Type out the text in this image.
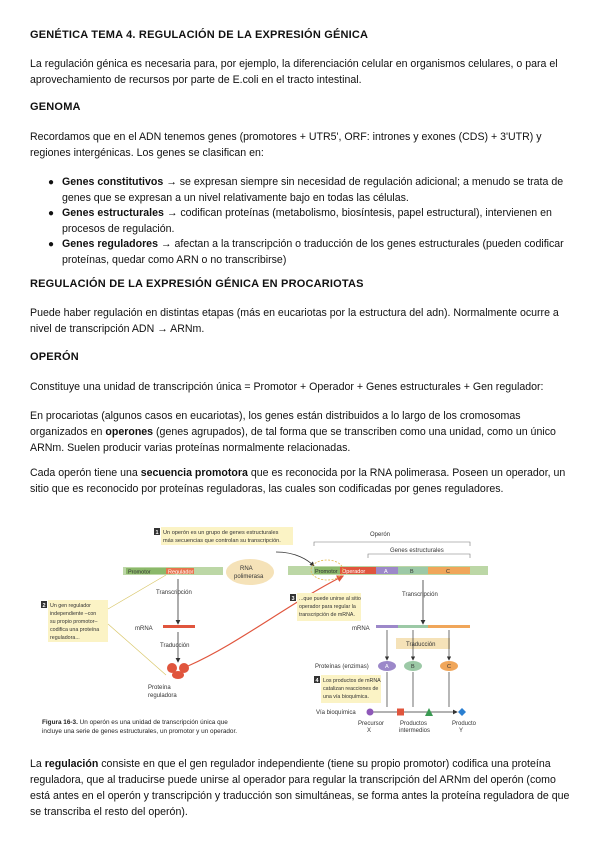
GENÉTICA TEMA 4. REGULACIÓN DE LA EXPRESIÓN GÉNICA
La regulación génica es necesaria para, por ejemplo, la diferenciación celular en organismos celulares, o para el aprovechamiento de recursos por parte de E.coli en el tracto intestinal.
GENOMA
Recordamos que en el ADN tenemos genes (promotores + UTR5', ORF: intrones y exones (CDS) + 3'UTR) y regiones intergénicas. Los genes se clasifican en:
● Genes constitutivos → se expresan siempre sin necesidad de regulación adicional; a menudo se trata de genes que se expresan a un nivel relativamente bajo en todas las células.
● Genes estructurales → codifican proteínas (metabolismo, biosíntesis, papel estructural), intervienen en procesos de regulación.
● Genes reguladores → afectan a la transcripción o traducción de los genes estructurales (pueden codificar proteínas, quedar como ARN o no transcribirse)
REGULACIÓN DE LA EXPRESIÓN GÉNICA EN PROCARIOTAS
Puede haber regulación en distintas etapas (más en eucariotas por la estructura del adn). Normalmente ocurre a nivel de transcripción ADN → ARNm.
OPERÓN
Constituye una unidad de transcripción única = Promotor + Operador + Genes estructurales + Gen regulador:
En procariotas (algunos casos en eucariotas), los genes están distribuidos a lo largo de los cromosomas organizados en operones (genes agrupados), de tal forma que se transcriben como una unidad, como un único ARNm. Suelen producir varias proteínas normalmente relacionadas.
Cada operón tiene una secuencia promotora que es reconocida por la RNA polimerasa. Poseen un operador, un sitio que es reconocido por proteínas reguladoras, las cuales son codificadas por genes reguladores.
1 Un operón es un grupo de genes estructurales
más secuencias que controlan su transcripción.
Promotor	Regulador
Transcripción
mRNA
Traducción
Proteína
reguladora
2 Un gen regulador
independiente –con
su propio promotor–
codifica una proteína
reguladora...
RNA
polimerasa
Operón
Genes estructurales
Promotor Operador	A	B	C
3 ...que puede unirse al sitio
operador para regular la
transcripción de mRNA.
Transcripción
mRNA
Traducción
Proteínas (enzimas)	A	B	C
4 Los productos de mRNA
catalizan reacciones de
una vía bioquímica.
Vía bioquímica
Precursor
X
Productos
intermedios
Producto
Y
Figura 16-3. Un operón es una unidad de transcripción única que
incluye una serie de genes estructurales, un promotor y un operador.
La regulación consiste en que el gen regulador independiente (tiene su propio promotor) codifica una proteína reguladora, que al traducirse puede unirse al operador para regular la transcripción del ARNm del operón (como está antes en el operón y transcripción y traducción son simultáneas, se forma antes la proteína reguladora de que se transcriba el resto del operón).
